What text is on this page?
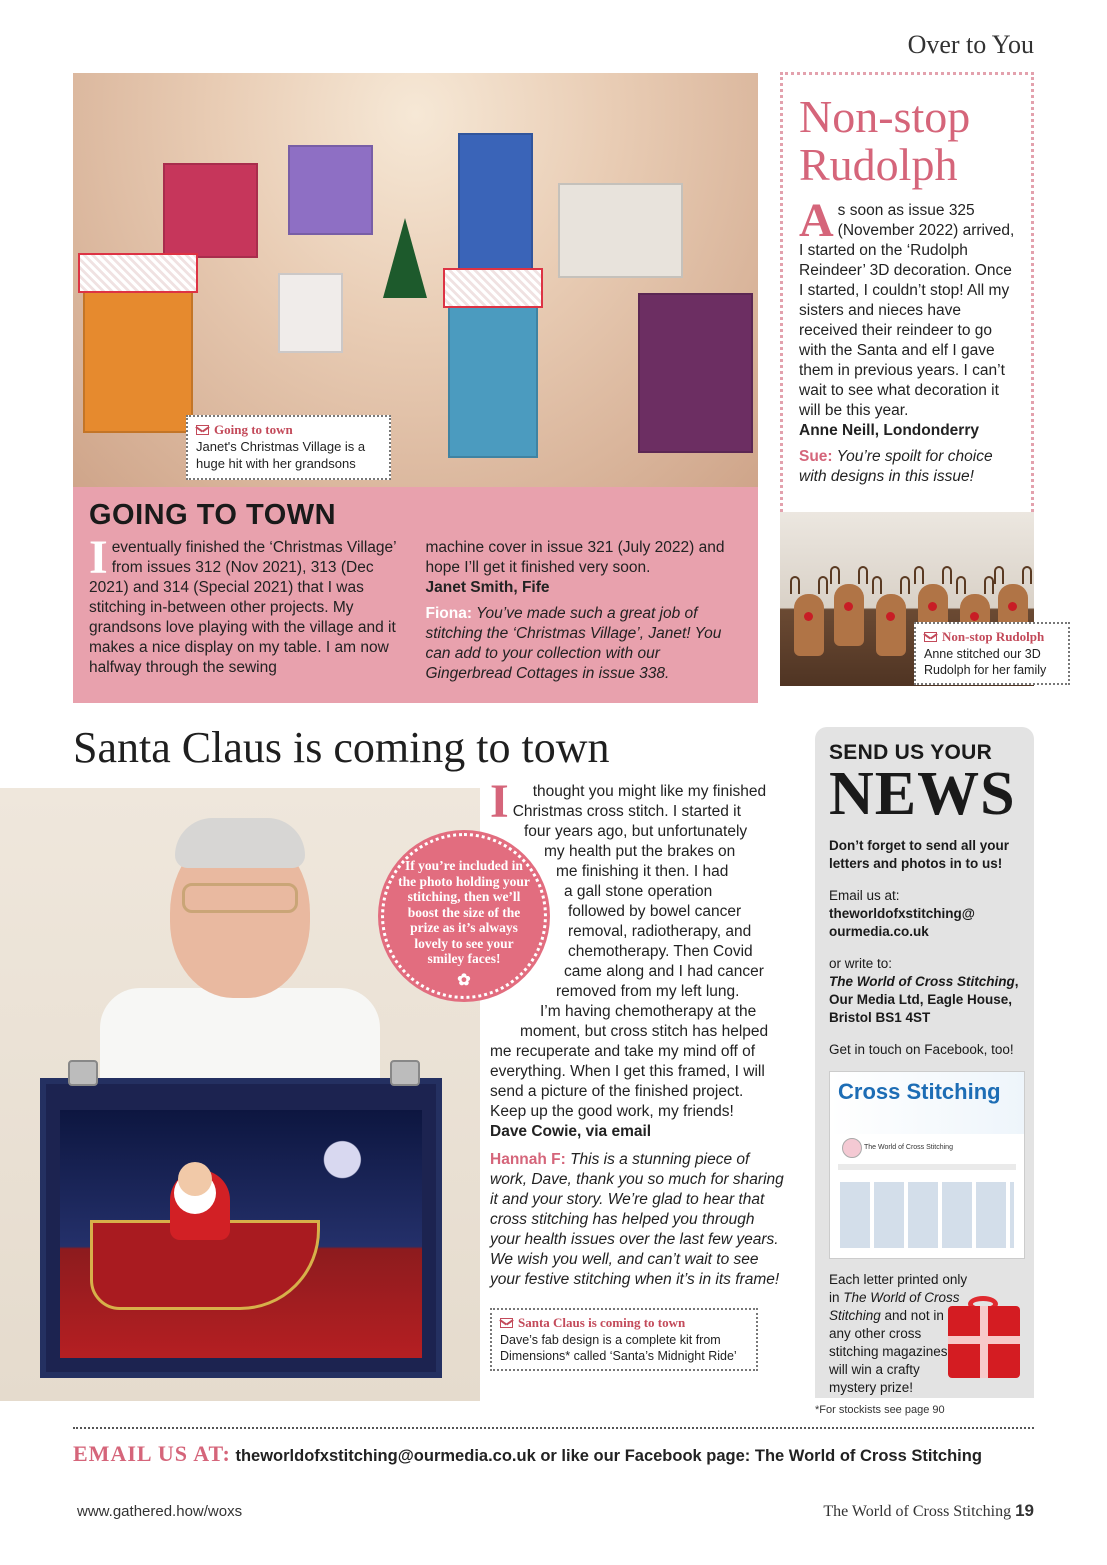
Over to You
Going to town
Janet's Christmas Village is a huge hit with her grandsons
GOING TO TOWN
I eventually finished the ‘Christmas Village’ from issues 312 (Nov 2021), 313 (Dec 2021) and 314 (Special 2021) that I was stitching in-between other projects. My grandsons love playing with the village and it makes a nice display on my table. I am now halfway through the sewing
machine cover in issue 321 (July 2022) and hope I’ll get it finished very soon.
Janet Smith, Fife
Fiona: You’ve made such a great job of stitching the ‘Christmas Village’, Janet! You can add to your collection with our Gingerbread Cottages in issue 338.
Non-stop
Rudolph
As soon as issue 325 (November 2022) arrived, I started on the ‘Rudolph Reindeer’ 3D decoration. Once I started, I couldn’t stop! All my sisters and nieces have received their reindeer to go with the Santa and elf I gave them in previous years. I can’t wait to see what decoration it will be this year.
Anne Neill, Londonderry
Sue: You’re spoilt for choice with designs in this issue!
Non-stop Rudolph
Anne stitched our 3D Rudolph for her family
Santa Claus is coming to town
If you’re included in the photo holding your stitching, then we’ll boost the size of the prize as it’s always lovely to see your smiley faces!
✿
I thought you might like my finished
Christmas cross stitch. I started it
four years ago, but unfortunately
my health put the brakes on
me finishing it then. I had
a gall stone operation
followed by bowel cancer
removal, radiotherapy, and
chemotherapy. Then Covid
came along and I had cancer
removed from my left lung.
I’m having chemotherapy at the
moment, but cross stitch has helped
me recuperate and take my mind off of
everything. When I get this framed, I will
send a picture of the finished project.
Keep up the good work, my friends!
Dave Cowie, via email
Hannah F: This is a stunning piece of work, Dave, thank you so much for sharing it and your story. We’re glad to hear that cross stitching has helped you through your health issues over the last few years. We wish you well, and can’t wait to see your festive stitching when it’s in its frame!
Santa Claus is coming to town
Dave’s fab design is a complete kit from Dimensions* called ‘Santa’s Midnight Ride’
SEND US YOUR
NEWS
Don’t forget to send all your letters and photos in to us!
Email us at:
theworldofxstitching@ ourmedia.co.uk
or write to:
The World of Cross Stitching, Our Media Ltd, Eagle House, Bristol BS1 4ST
Get in touch on Facebook, too!
Cross Stitching
The World of Cross Stitching
Each letter printed only in The World of Cross Stitching and not in any other cross stitching magazines will win a crafty mystery prize!
*For stockists see page 90
EMAIL US AT: theworldofxstitching@ourmedia.co.uk or like our Facebook page: The World of Cross Stitching
www.gathered.how/woxs	The World of Cross Stitching 19
